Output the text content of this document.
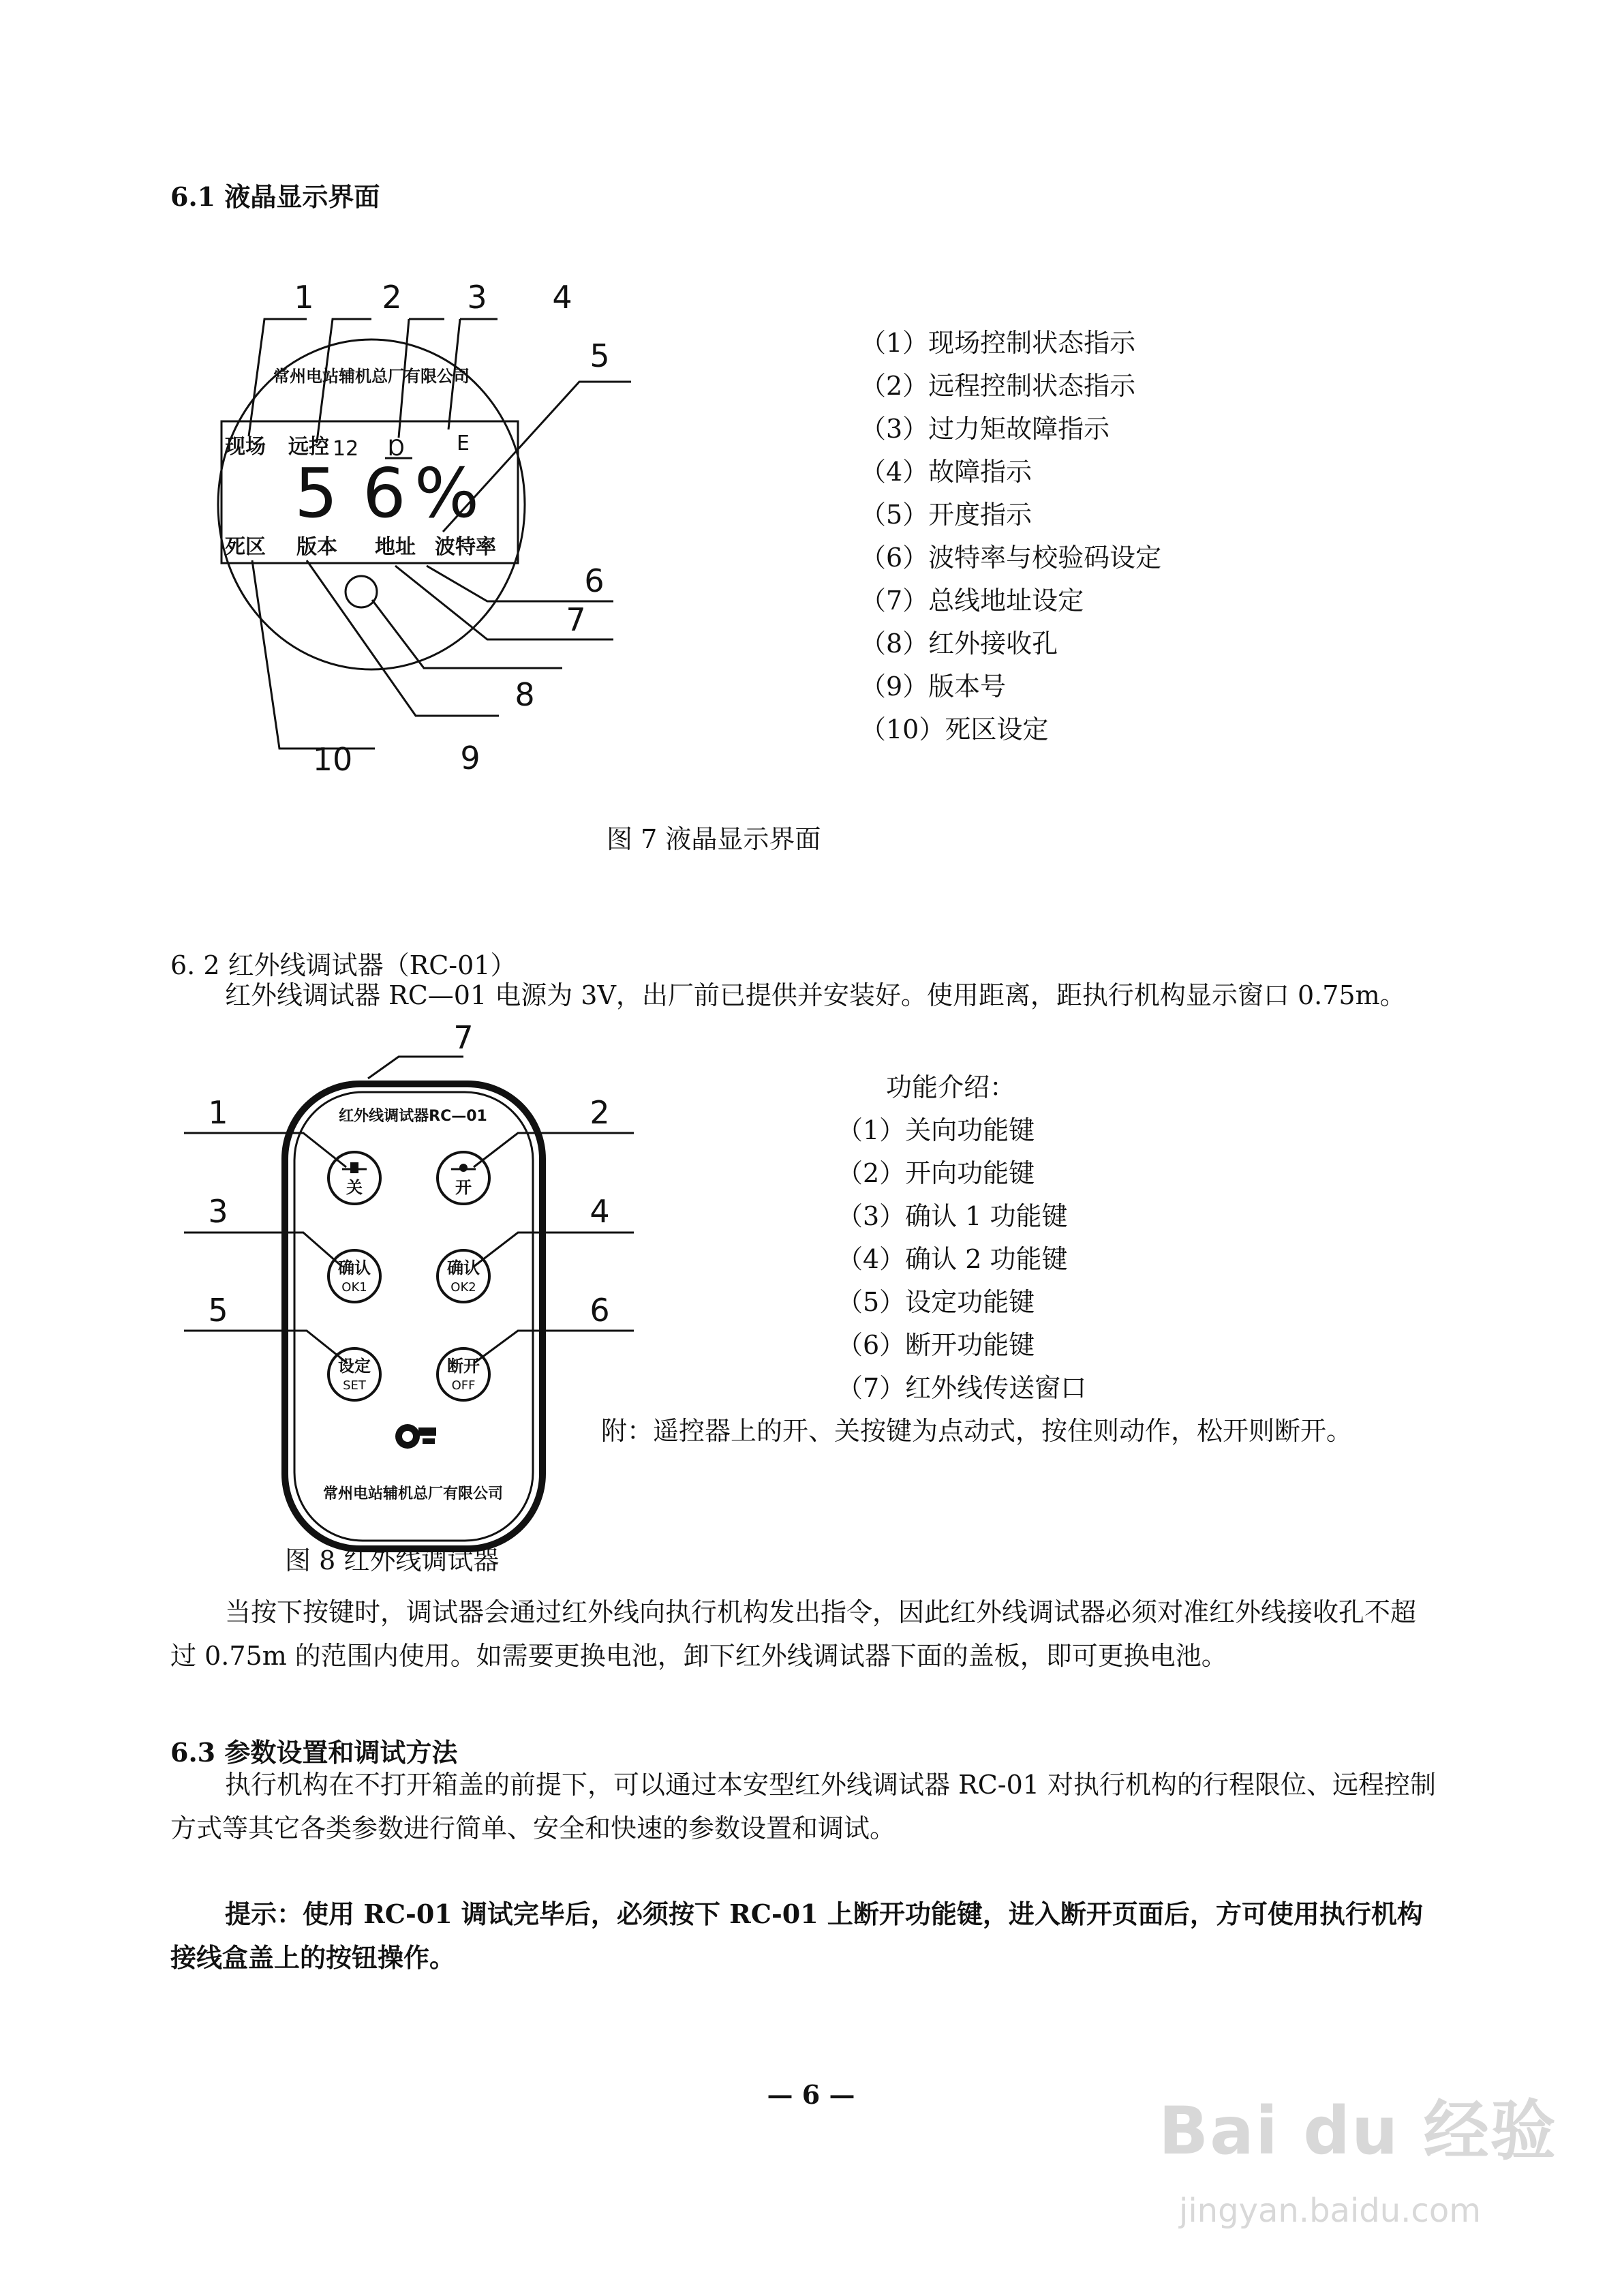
6.1 液晶显示界面
1 2 3 4
5
6
7
8
9
10
常州电站辅机总厂有限公司
现场 远控
死区 版本 地址 波特率
12 Ɒ	E
5 6 %
（1）现场控制状态指示
（2）远程控制状态指示
（3）过力矩故障指示
（4）故障指示
（5）开度指示
（6）波特率与校验码设定
（7）总线地址设定
（8）红外接收孔
（9）版本号
（10）死区设定
图 7 液晶显示界面
6. 2 红外线调试器（RC-01）
红外线调试器 RC—01 电源为 3V，出厂前已提供并安装好。使用距离，距执行机构显示窗口 0.75m。
7
1	2
3	4
5	6
红外线调试器RC—01
常州电站辅机总厂有限公司
关	开
确认	确认
设定	断开
OK1	OK2
SET	OFF
功能介绍：
（1）关向功能键
（2）开向功能键
（3）确认 1 功能键
（4）确认 2 功能键
（5）设定功能键
（6）断开功能键
（7）红外线传送窗口
附：遥控器上的开、关按键为点动式，按住则动作，松开则断开。
图 8 红外线调试器
当按下按键时，调试器会通过红外线向执行机构发出指令，因此红外线调试器必须对准红外线接收孔不超过 0.75m 的范围内使用。如需要更换电池，卸下红外线调试器下面的盖板，即可更换电池。
6.3 参数设置和调试方法
执行机构在不打开箱盖的前提下，可以通过本安型红外线调试器 RC-01 对执行机构的行程限位、远程控制方式等其它各类参数进行简单、安全和快速的参数设置和调试。
提示：使用 RC-01 调试完毕后，必须按下 RC-01 上断开功能键，进入断开页面后，方可使用执行机构接线盒盖上的按钮操作。
— 6 —	Bai du 经验
jingyan.baidu.com
